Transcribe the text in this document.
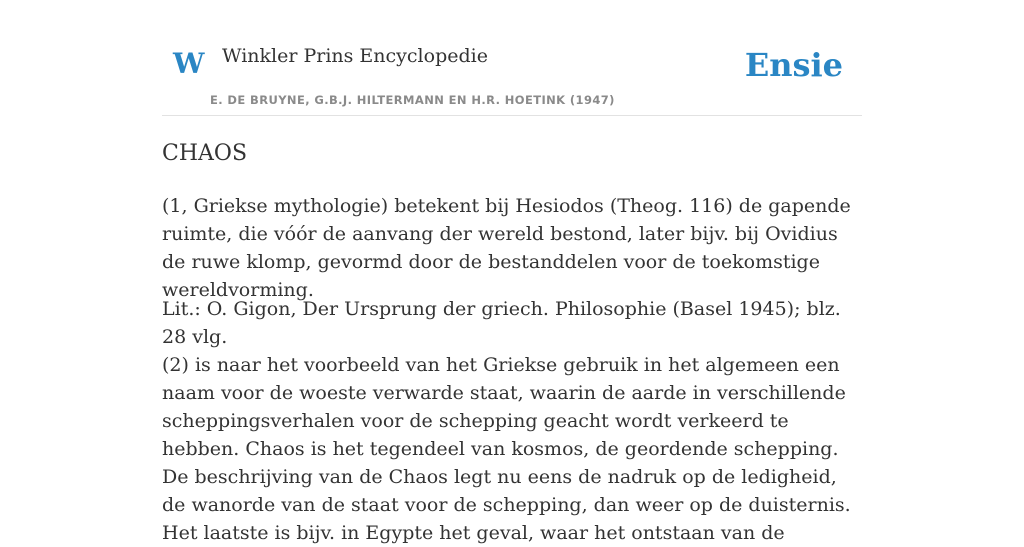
W Winkler Prins Encyclopedie
E. DE BRUYNE, G.B.J. HILTERMANN EN H.R. HOETINK (1947)
Ensie
CHAOS

(1, Griekse mythologie) betekent bij Hesiodos (Theog. 116) de gapende ruimte, die vóór de aanvang der wereld bestond, later bijv. bij Ovidius de ruwe klomp, gevormd door de bestanddelen voor de toekomstige wereldvorming.

Lit.: O. Gigon, Der Ursprung der griech. Philosophie (Basel 1945); blz. 28 vlg.

(2) is naar het voorbeeld van het Griekse gebruik in het algemeen een naam voor de woeste verwarde staat, waarin de aarde in verschillende scheppingsverhalen voor de schepping geacht wordt verkeerd te hebben. Chaos is het tegendeel van kosmos, de geordende schepping. De beschrijving van de Chaos legt nu eens de nadruk op de ledigheid, de wanorde van de staat voor de schepping, dan weer op de duisternis. Het laatste is bijv. in Egypte het geval, waar het ontstaan van de
